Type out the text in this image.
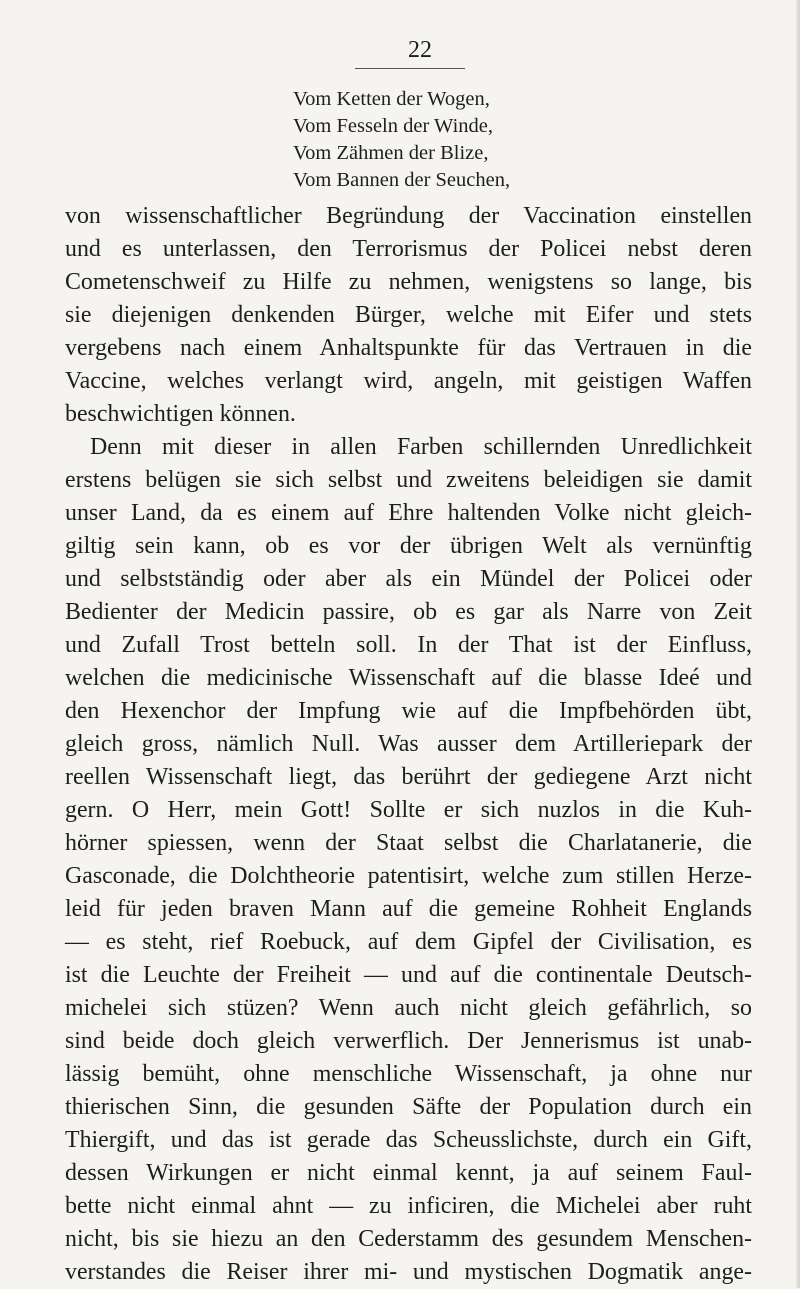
22
Vom Ketten der Wogen,
Vom Fesseln der Winde,
Vom Zähmen der Blize,
Vom Bannen der Seuchen,
von wissenschaftlicher Begründung der Vaccination einstellen
und es unterlassen, den Terrorismus der Policei nebst deren
Cometenschweif zu Hilfe zu nehmen, wenigstens so lange, bis
sie diejenigen denkenden Bürger, welche mit Eifer und stets
vergebens nach einem Anhaltspunkte für das Vertrauen in die
Vaccine, welches verlangt wird, angeln, mit geistigen Waffen
beschwichtigen können.
Denn mit dieser in allen Farben schillernden Unredlichkeit
erstens belügen sie sich selbst und zweitens beleidigen sie damit
unser Land, da es einem auf Ehre haltenden Volke nicht gleich-
giltig sein kann, ob es vor der übrigen Welt als vernünftig
und selbstständig oder aber als ein Mündel der Policei oder
Bedienter der Medicin passire, ob es gar als Narre von Zeit
und Zufall Trost betteln soll. In der That ist der Einfluss,
welchen die medicinische Wissenschaft auf die blasse Ideé und
den Hexenchor der Impfung wie auf die Impfbehörden übt,
gleich gross, nämlich Null. Was ausser dem Artilleriepark der
reellen Wissenschaft liegt, das berührt der gediegene Arzt nicht
gern. O Herr, mein Gott! Sollte er sich nuzlos in die Kuh-
hörner spiessen, wenn der Staat selbst die Charlatanerie, die
Gasconade, die Dolchtheorie patentisirt, welche zum stillen Herze-
leid für jeden braven Mann auf die gemeine Rohheit Englands
— es steht, rief Roebuck, auf dem Gipfel der Civilisation, es
ist die Leuchte der Freiheit — und auf die continentale Deutsch-
michelei sich stüzen? Wenn auch nicht gleich gefährlich, so
sind beide doch gleich verwerflich. Der Jennerismus ist unab-
lässig bemüht, ohne menschliche Wissenschaft, ja ohne nur
thierischen Sinn, die gesunden Säfte der Population durch ein
Thiergift, und das ist gerade das Scheusslichste, durch ein Gift,
dessen Wirkungen er nicht einmal kennt, ja auf seinem Faul-
bette nicht einmal ahnt — zu inficiren, die Michelei aber ruht
nicht, bis sie hiezu an den Cederstamm des gesundem Menschen-
verstandes die Reiser ihrer mi- und mystischen Dogmatik ange-
